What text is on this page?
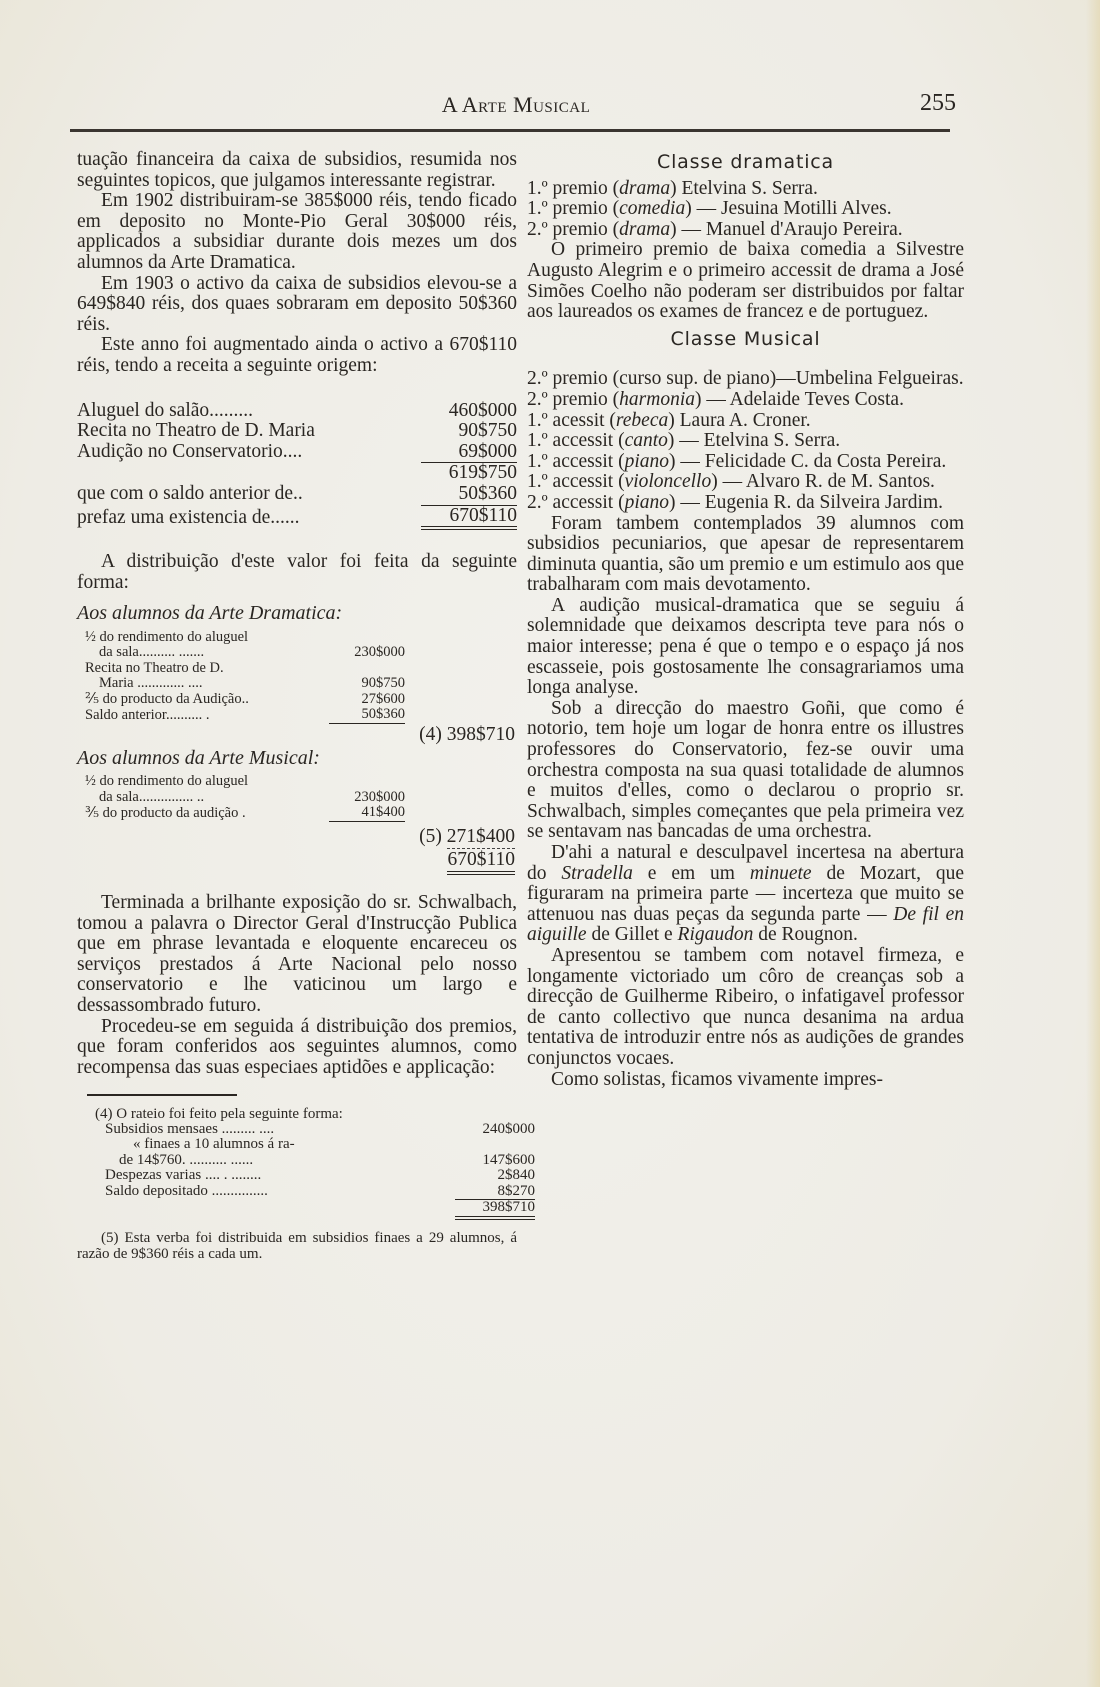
A Arte Musical	255

tuação financeira da caixa de subsidios, resumida nos seguintes topicos, que julgamos interessante registrar.

Em 1902 distribuiram-se 385$000 réis, tendo ficado em deposito no Monte-Pio Geral 30$000 réis, applicados a subsidiar durante dois mezes um dos alumnos da Arte Dramatica.

Em 1903 o activo da caixa de subsidios elevou-se a 649$840 réis, dos quaes sobraram em deposito 50$360 réis.

Este anno foi augmentado ainda o activo a 670$110 réis, tendo a receita a seguinte origem:

Aluguel do salão.........	460$000
Recita no Theatro de D. Maria	90$750
Audição no Conservatorio....	69$000
	619$750
que com o saldo anterior de..	50$360
prefaz uma existencia de......	670$110

A distribuição d'este valor foi feita da seguinte forma:

Aos alumnos da Arte Dramatica:
½ do rendimento do aluguel		
da sala.......... .......	230$000	
Recita no Theatro de D.		
Maria ............. ....	90$750	
⅖ do producto da Audição..	27$600	
Saldo anterior.......... .	50$360	
(4) 398$710
Aos alumnos da Arte Musical:
½ do rendimento do aluguel		
da sala............... ..	230$000	
⅗ do producto da audição .	41$400	
(5) 271$400
670$110

Terminada a brilhante exposição do sr. Schwalbach, tomou a palavra o Director Geral d'Instrucção Publica que em phrase levantada e eloquente encareceu os serviços prestados á Arte Nacional pelo nosso conservatorio e lhe vaticinou um largo e dessassombrado futuro.

Procedeu-se em seguida á distribuição dos premios, que foram conferidos aos seguintes alumnos, como recompensa das suas especiaes aptidões e applicação:

(4) O rateio foi feito pela seguinte forma:

Subsidios mensaes ......... ....	240$000
« finaes a 10 alumnos á ra-	
de 14$760. .......... ......	147$600
Despezas varias .... . ........	2$840
Saldo depositado ...............	8$270
	398$710

(5) Esta verba foi distribuida em subsidios finaes a 29 alumnos, á razão de 9$360 réis a cada um.

Classe dramatica

1.º premio (drama) Etelvina S. Serra.

1.º premio (comedia) — Jesuina Motilli Alves.

2.º premio (drama) — Manuel d'Araujo Pereira.

O primeiro premio de baixa comedia a Silvestre Augusto Alegrim e o primeiro accessit de drama a José Simões Coelho não poderam ser distribuidos por faltar aos laureados os exames de francez e de portuguez.

Classe Musical

2.º premio (curso sup. de piano)—Umbelina Felgueiras.

2.º premio (harmonia) — Adelaide Teves Costa.

1.º acessit (rebeca) Laura A. Croner.

1.º accessit (canto) — Etelvina S. Serra.

1.º accessit (piano) — Felicidade C. da Costa Pereira.

1.º accessit (violoncello) — Alvaro R. de M. Santos.

2.º accessit (piano) — Eugenia R. da Silveira Jardim.

Foram tambem contemplados 39 alumnos com subsidios pecuniarios, que apesar de representarem diminuta quantia, são um premio e um estimulo aos que trabalharam com mais devotamento.

A audição musical-dramatica que se seguiu á solemnidade que deixamos descripta teve para nós o maior interesse; pena é que o tempo e o espaço já nos escasseie, pois gostosamente lhe consagrariamos uma longa analyse.

Sob a direcção do maestro Goñi, que como é notorio, tem hoje um logar de honra entre os illustres professores do Conservatorio, fez-se ouvir uma orchestra composta na sua quasi totalidade de alumnos e muitos d'elles, como o declarou o proprio sr. Schwalbach, simples começantes que pela primeira vez se sentavam nas bancadas de uma orchestra.

D'ahi a natural e desculpavel incertesa na abertura do Stradella e em um minuete de Mozart, que figuraram na primeira parte — incerteza que muito se attenuou nas duas peças da segunda parte — De fil en aiguille de Gillet e Rigaudon de Rougnon.

Apresentou se tambem com notavel firmeza, e longamente victoriado um côro de creanças sob a direcção de Guilherme Ribeiro, o infatigavel professor de canto collectivo que nunca desanima na ardua tentativa de introduzir entre nós as audições de grandes conjunctos vocaes.

Como solistas, ficamos vivamente impres-
